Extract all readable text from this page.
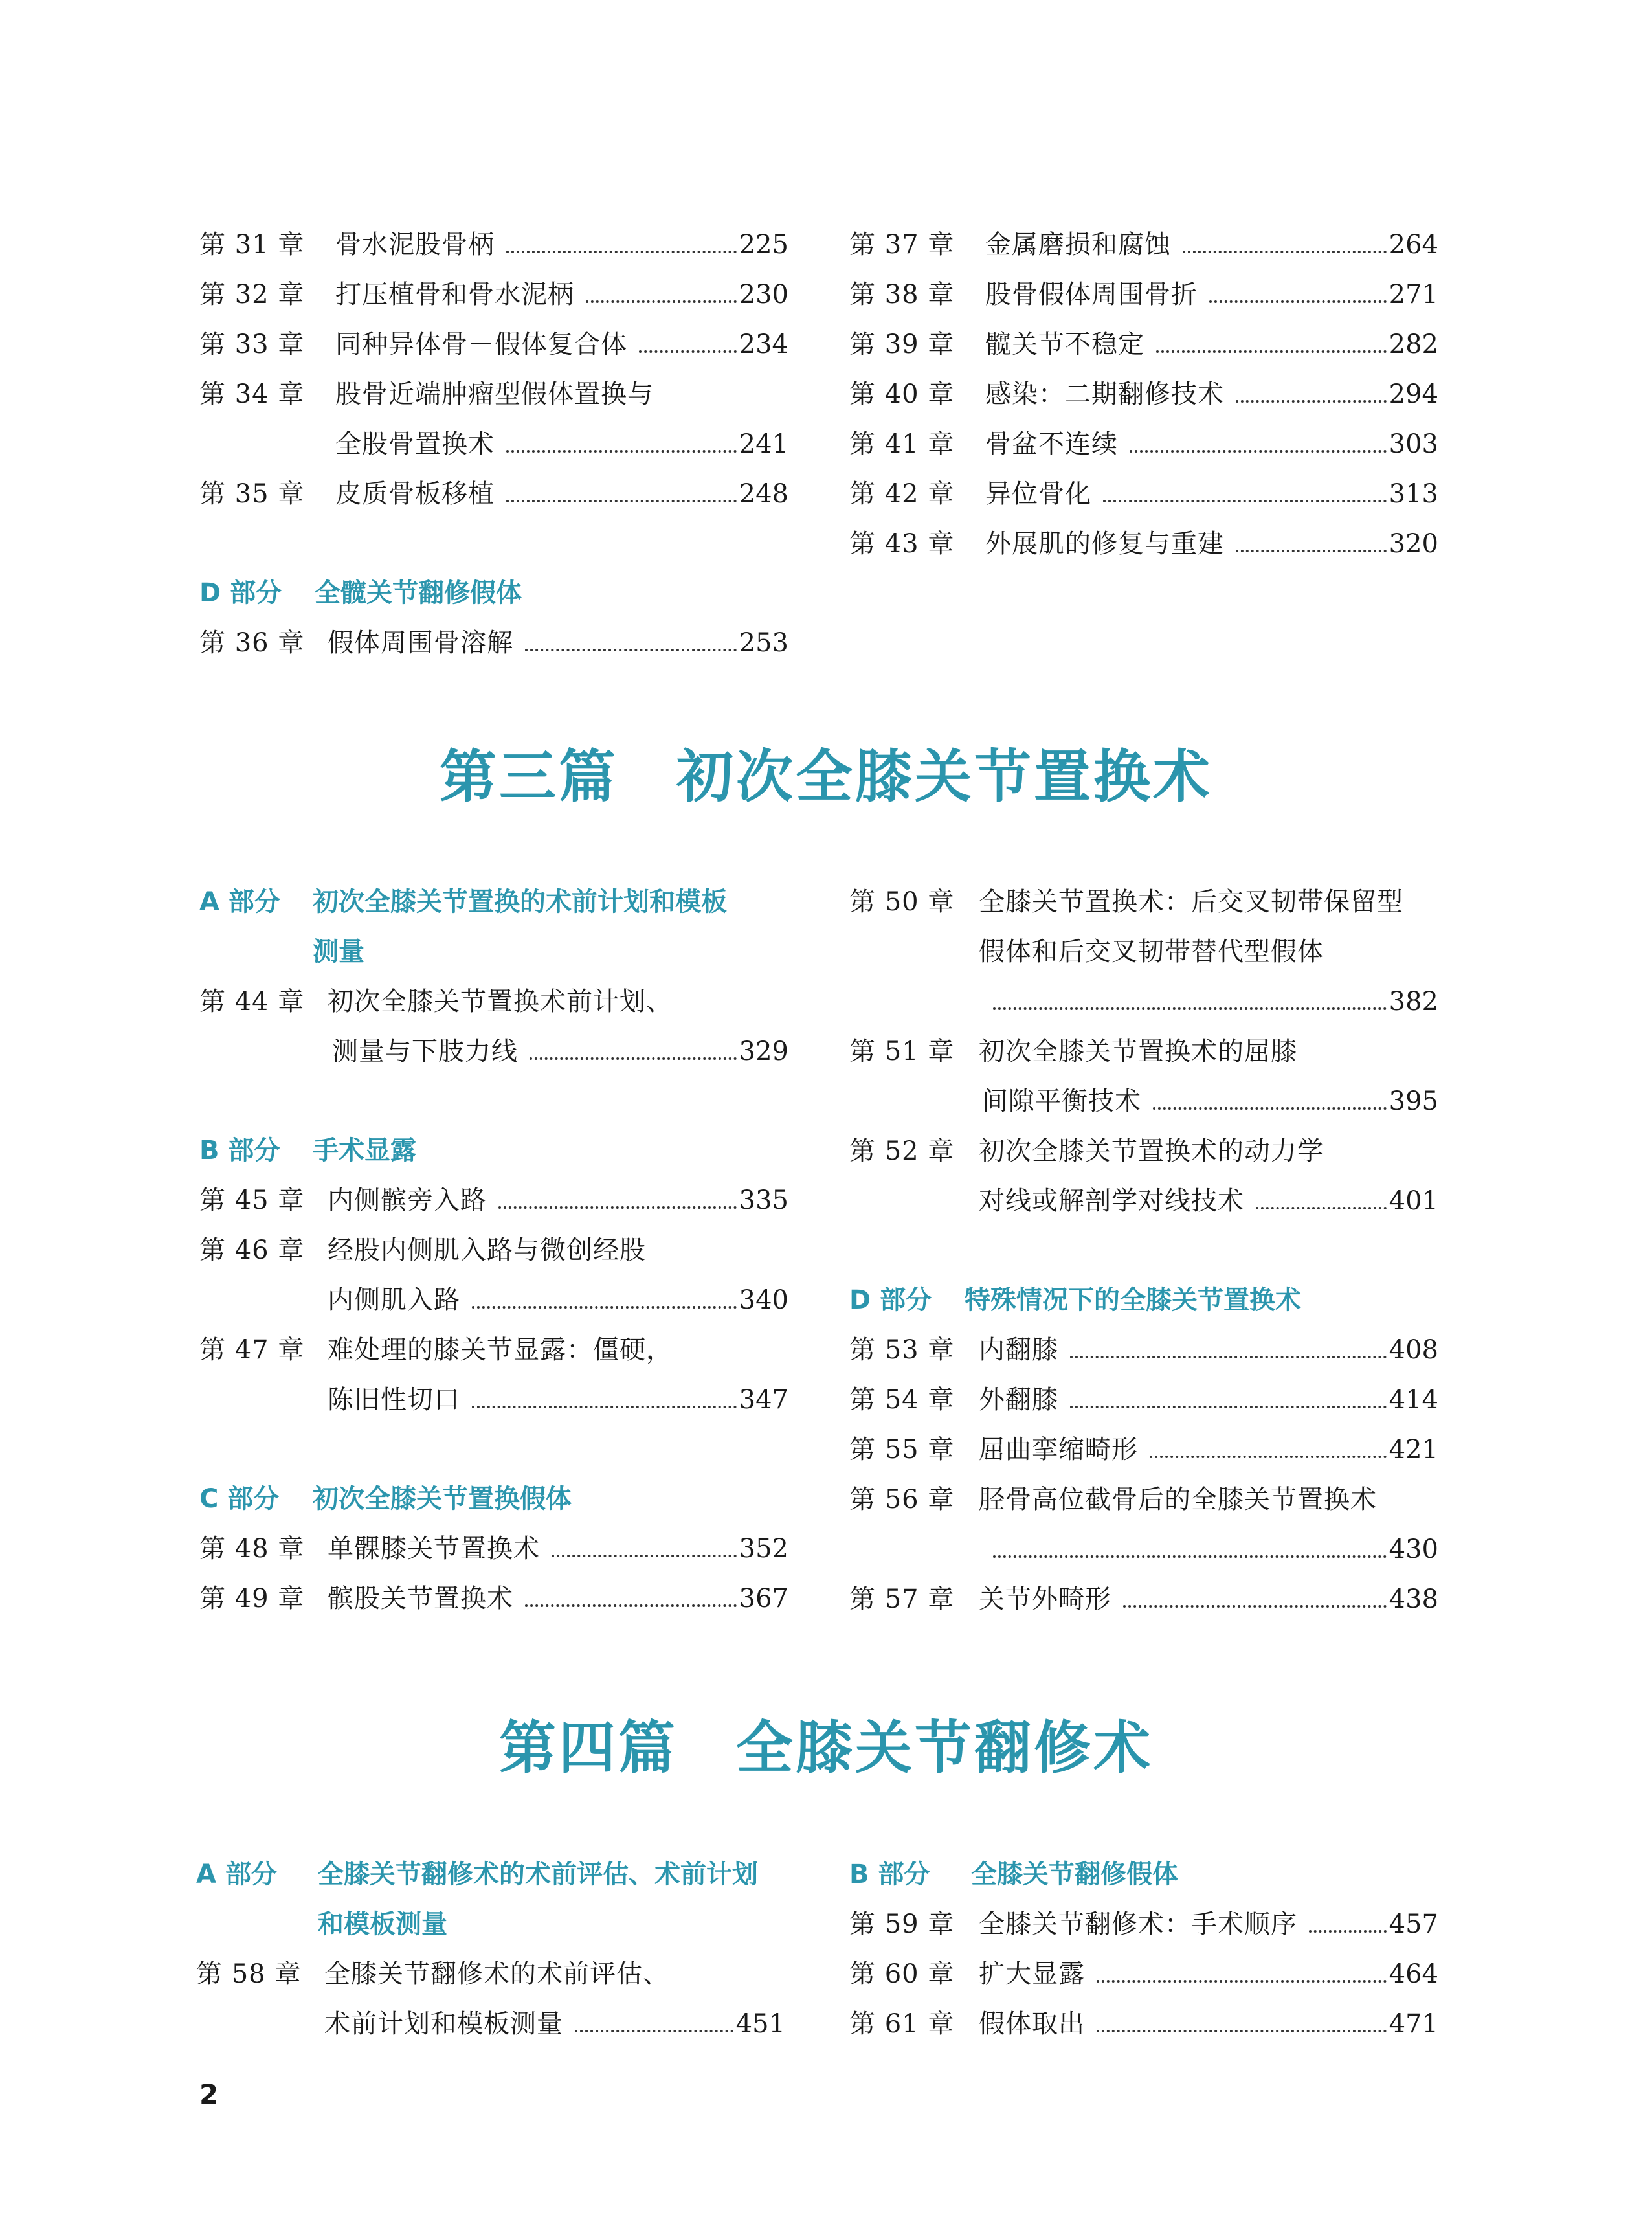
第 31 章 骨水泥股骨柄	225
第 32 章 打压植骨和骨水泥柄	230
第 33 章 同种异体骨－假体复合体	234
第 34 章 股骨近端肿瘤型假体置换与
全股骨置换术	241
第 35 章 皮质骨板移植	248
D 部分 全髋关节翻修假体
第 36 章 假体周围骨溶解	253
第 37 章 金属磨损和腐蚀	264
第 38 章 股骨假体周围骨折	271
第 39 章 髋关节不稳定	282
第 40 章 感染：二期翻修技术	294
第 41 章 骨盆不连续	303
第 42 章 异位骨化	313
第 43 章 外展肌的修复与重建	320
第三篇 初次全膝关节置换术
A 部分 初次全膝关节置换的术前计划和模板
测量
第 44 章 初次全膝关节置换术前计划、
测量与下肢力线	329
B 部分 手术显露
第 45 章 内侧髌旁入路	335
第 46 章 经股内侧肌入路与微创经股
内侧肌入路	340
第 47 章 难处理的膝关节显露：僵硬，
陈旧性切口	347
C 部分 初次全膝关节置换假体
第 48 章 单髁膝关节置换术	352
第 49 章 髌股关节置换术	367
第 50 章 全膝关节置换术：后交叉韧带保留型
假体和后交叉韧带替代型假体
382
第 51 章 初次全膝关节置换术的屈膝
间隙平衡技术	395
第 52 章 初次全膝关节置换术的动力学
对线或解剖学对线技术	401
D 部分 特殊情况下的全膝关节置换术
第 53 章 内翻膝	408
第 54 章 外翻膝	414
第 55 章 屈曲挛缩畸形	421
第 56 章 胫骨高位截骨后的全膝关节置换术
430
第 57 章 关节外畸形	438
第四篇 全膝关节翻修术
A 部分 全膝关节翻修术的术前评估、术前计划
和模板测量
第 58 章 全膝关节翻修术的术前评估、
术前计划和模板测量	451
B 部分 全膝关节翻修假体
第 59 章 全膝关节翻修术：手术顺序	457
第 60 章 扩大显露	464
第 61 章 假体取出	471
2
